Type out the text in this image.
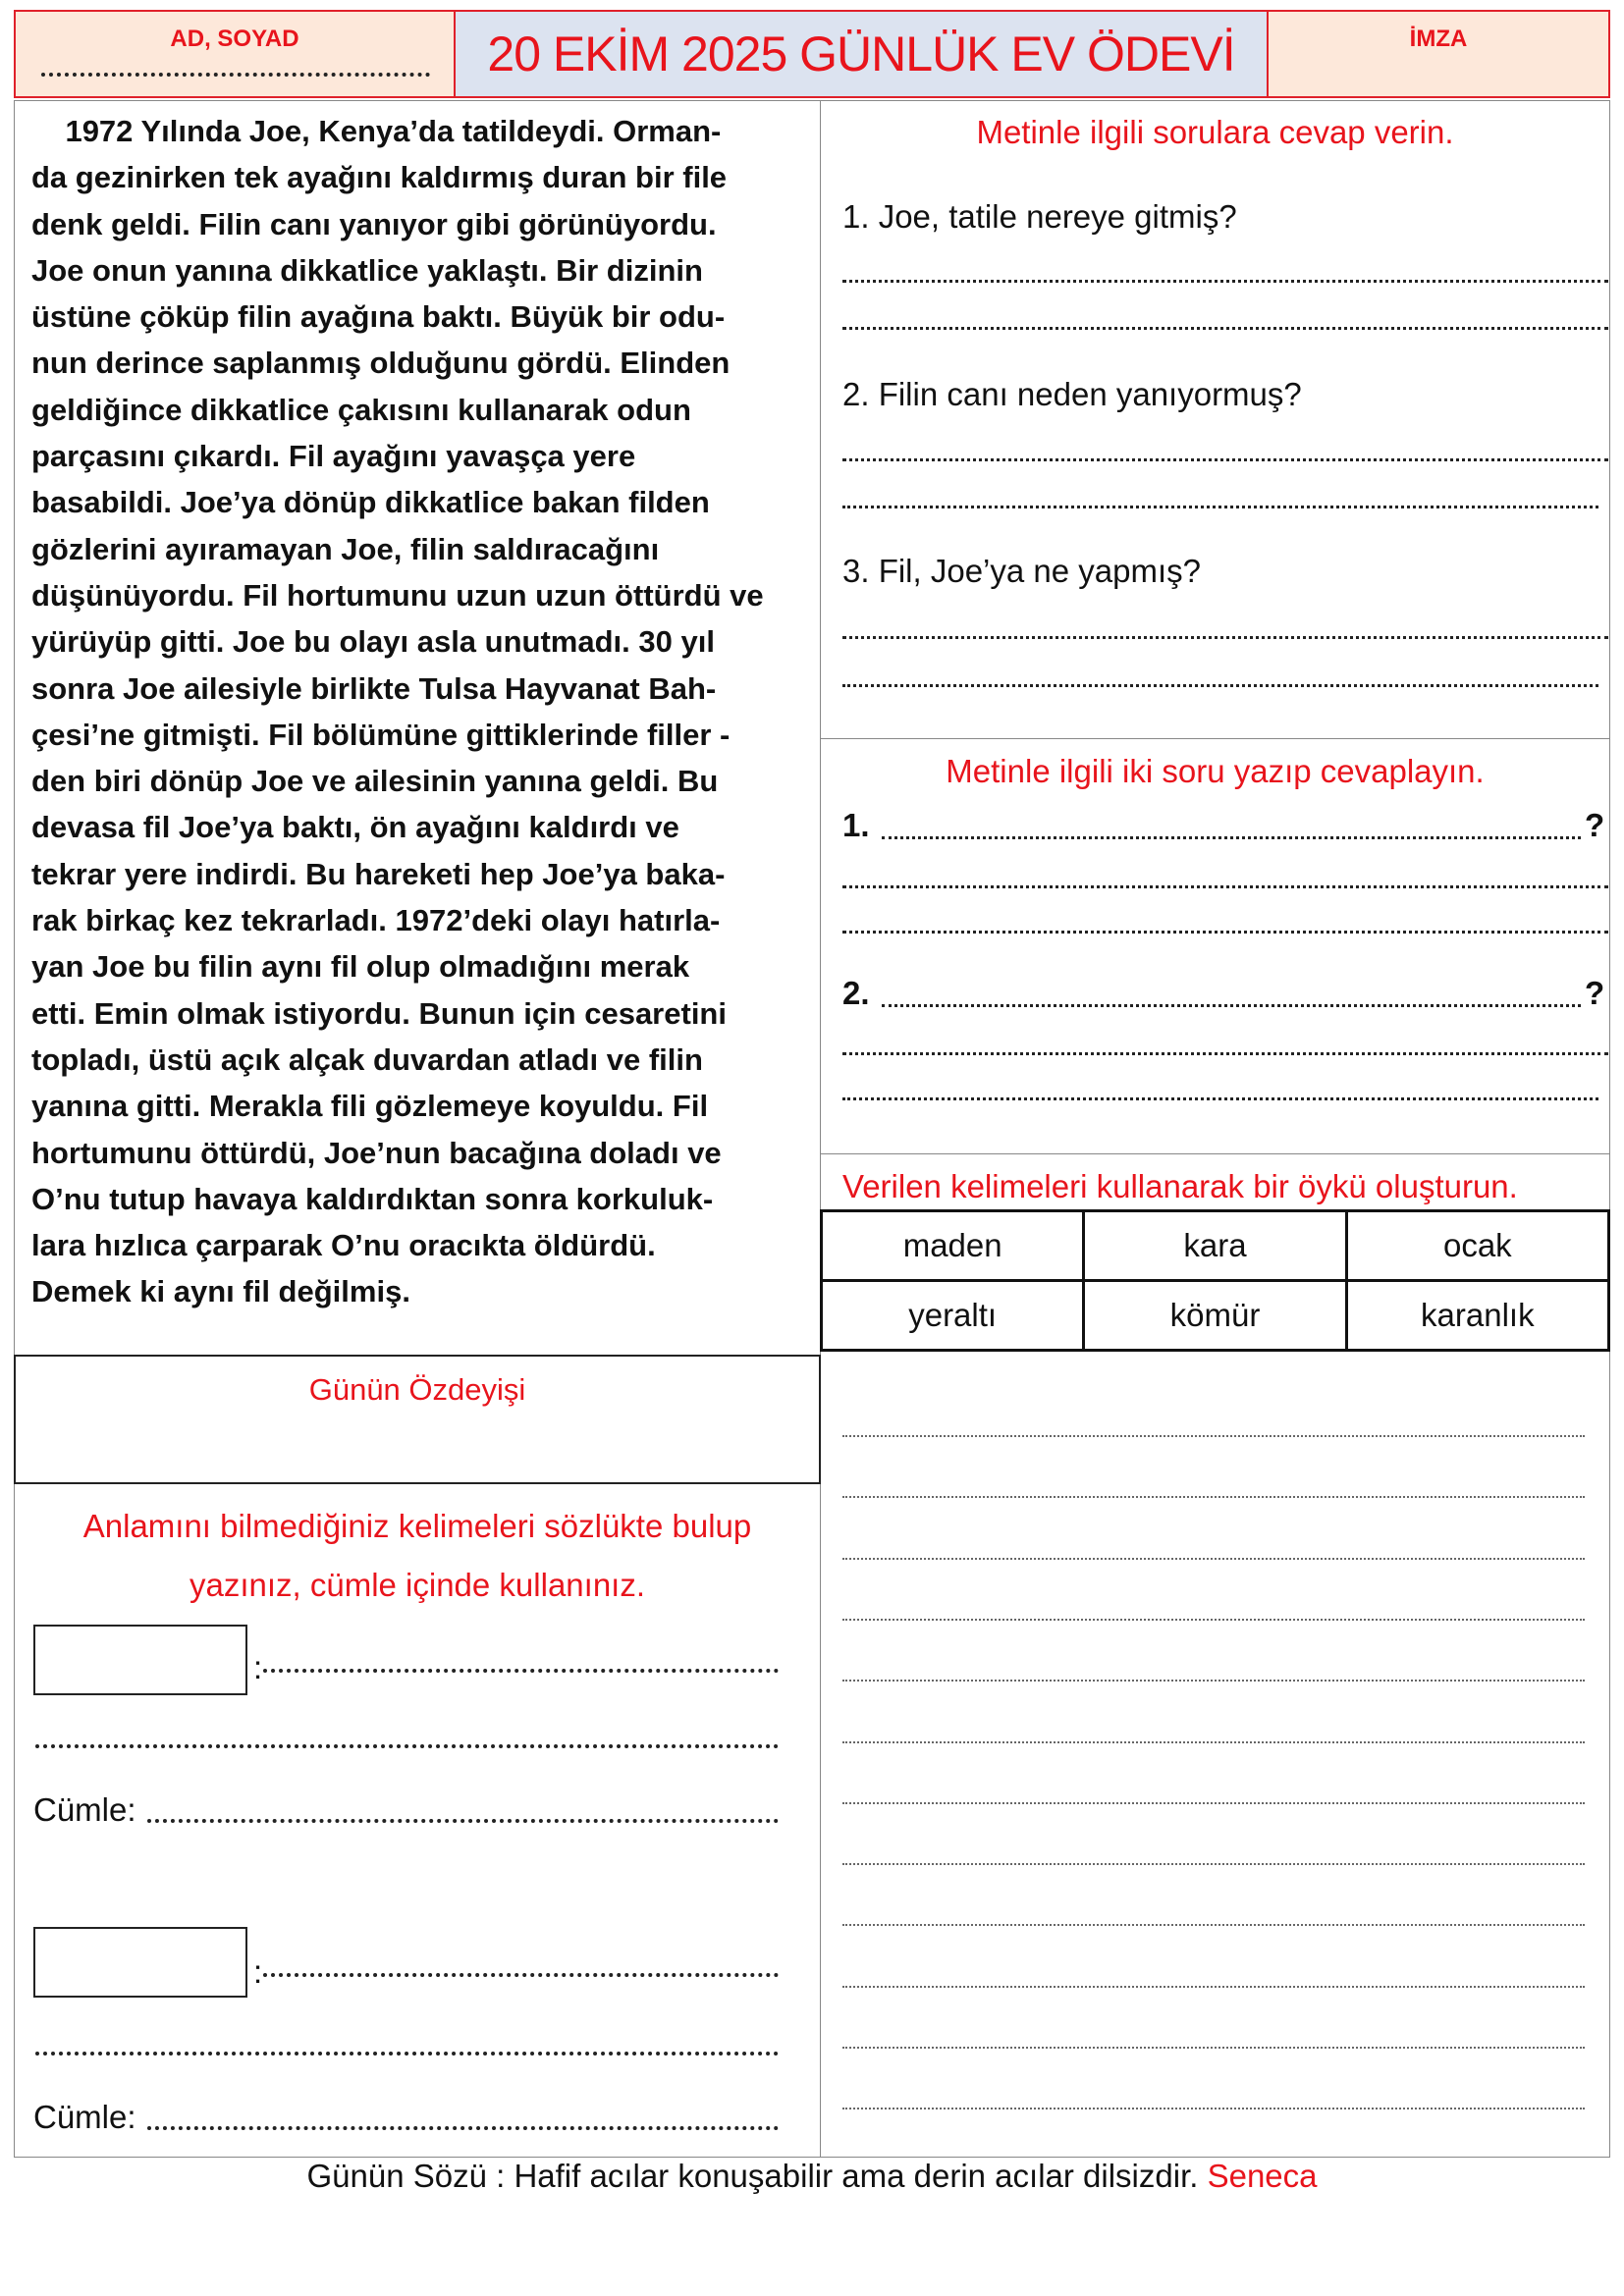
AD, SOYAD	20 EKİM 2025 GÜNLÜK EV ÖDEVİ	İMZA
1972 Yılında Joe, Kenya’da tatildeydi. Orman-
da gezinirken tek ayağını kaldırmış duran bir file
denk geldi. Filin canı yanıyor gibi görünüyordu.
Joe onun yanına dikkatlice yaklaştı. Bir dizinin
üstüne çöküp filin ayağına baktı. Büyük bir odu-
nun derince saplanmış olduğunu gördü. Elinden
geldiğince dikkatlice çakısını kullanarak odun
parçasını çıkardı. Fil ayağını yavaşça yere
basabildi. Joe’ya dönüp dikkatlice bakan filden
gözlerini ayıramayan Joe, filin saldıracağını
düşünüyordu. Fil hortumunu uzun uzun öttürdü ve
yürüyüp gitti. Joe bu olayı asla unutmadı. 30 yıl
sonra Joe ailesiyle birlikte Tulsa Hayvanat Bah-
çesi’ne gitmişti. Fil bölümüne gittiklerinde filler -
den biri dönüp Joe ve ailesinin yanına geldi. Bu
devasa fil Joe’ya baktı, ön ayağını kaldırdı ve
tekrar yere indirdi. Bu hareketi hep Joe’ya baka-
rak birkaç kez tekrarladı. 1972’deki olayı hatırla-
yan Joe bu filin aynı fil olup olmadığını merak
etti. Emin olmak istiyordu. Bunun için cesaretini
topladı, üstü açık alçak duvardan atladı ve filin
yanına gitti. Merakla fili gözlemeye koyuldu. Fil
hortumunu öttürdü, Joe’nun bacağına doladı ve
O’nu tutup havaya kaldırdıktan sonra korkuluk-
lara hızlıca çarparak O’nu oracıkta öldürdü.
Demek ki aynı fil değilmiş.
Günün Özdeyişi
Anlamını bilmediğiniz kelimeleri sözlükte bulup
yazınız, cümle içinde kullanınız.
:
Cümle:
:
Cümle:
Metinle ilgili sorulara cevap verin.
1. Joe, tatile nereye gitmiş?
2. Filin canı neden yanıyormuş?
3. Fil, Joe’ya ne yapmış?
Metinle ilgili iki soru yazıp cevaplayın.
1.	?
2.	?
Verilen kelimeleri kullanarak bir öykü oluşturun.
maden	kara	ocak
yeraltı	kömür	karanlık
Günün Sözü : Hafif acılar konuşabilir ama derin acılar dilsizdir. Seneca
